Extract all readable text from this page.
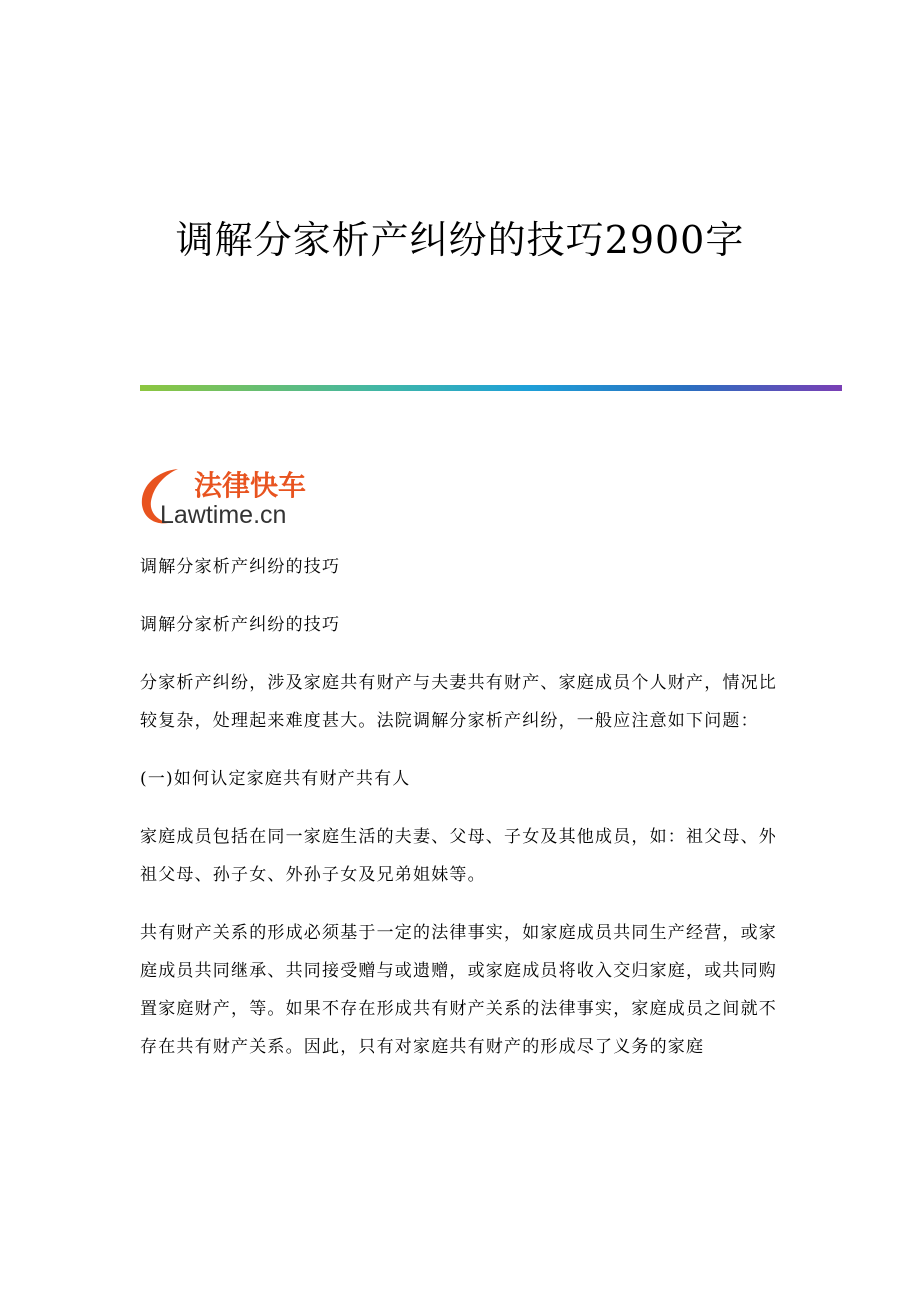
调解分家析产纠纷的技巧2900字
法律快车
Lawtime.cn

调解分家析产纠纷的技巧

调解分家析产纠纷的技巧

分家析产纠纷，涉及家庭共有财产与夫妻共有财产、家庭成员个人财产，情况比较复杂，处理起来难度甚大。法院调解分家析产纠纷，一般应注意如下问题：

(一)如何认定家庭共有财产共有人

家庭成员包括在同一家庭生活的夫妻、父母、子女及其他成员，如：祖父母、外祖父母、孙子女、外孙子女及兄弟姐妹等。

共有财产关系的形成必须基于一定的法律事实，如家庭成员共同生产经营，或家庭成员共同继承、共同接受赠与或遗赠，或家庭成员将收入交归家庭，或共同购置家庭财产，等。如果不存在形成共有财产关系的法律事实，家庭成员之间就不存在共有财产关系。因此，只有对家庭共有财产的形成尽了义务的家庭
